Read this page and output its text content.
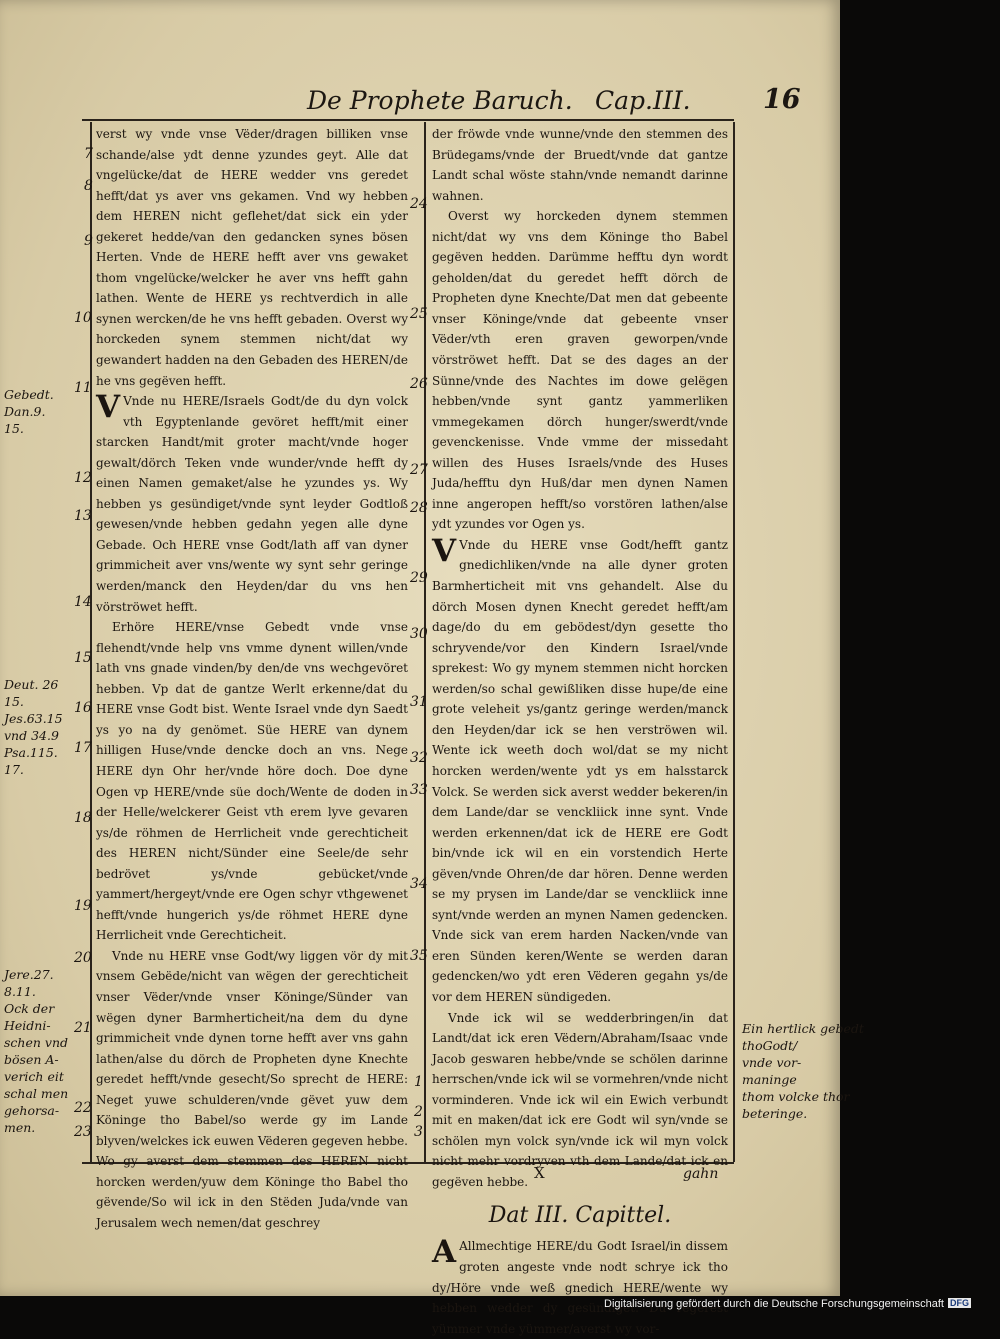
De Prophete Baruch. Cap.III.	16

verst wy vnde vnse Vëder/dragen billiken vnse schande/alse ydt denne yzundes geyt. Alle dat vngelücke/dat de HERE wedder vns geredet hefft/dat ys aver vns gekamen. Vnd wy hebben dem HEREN nicht geflehet/dat sick ein yder gekeret hedde/van den gedancken synes bösen Herten. Vnde de HERE hefft aver vns gewaket thom vngelücke/welcker he aver vns hefft gahn lathen. Wente de HERE ys rechtverdich in alle synen wercken/de he vns hefft gebaden. Overst wy horckeden synem stemmen nicht/dat wy gewandert hadden na den Gebaden des HEREN/de he vns gegëven hefft.

V Vnde nu HERE/Israels Godt/de du dyn volck vth Egyptenlande gevöret hefft/mit einer starcken Handt/mit groter macht/vnde hoger gewalt/dörch Teken vnde wunder/vnde hefft dy einen Namen gemaket/alse he yzundes ys. Wy hebben ys gesündiget/vnde synt leyder Godtloß gewesen/vnde hebben gedahn yegen alle dyne Gebade. Och HERE vnse Godt/lath aff van dyner grimmicheit aver vns/wente wy synt sehr geringe werden/manck den Heyden/dar du vns hen vörströwet hefft.

Erhöre HERE/vnse Gebedt vnde vnse flehendt/vnde help vns vmme dynent willen/vnde lath vns gnade vinden/by den/de vns wechgevöret hebben. Vp dat de gantze Werlt erkenne/dat du HERE vnse Godt bist. Wente Israel vnde dyn Saedt ys yo na dy genömet. Süe HERE van dynem hilligen Huse/vnde dencke doch an vns. Nege HERE dyn Ohr her/vnde höre doch. Doe dyne Ogen vp HERE/vnde süe doch/Wente de doden in der Helle/welckerer Geist vth erem lyve gevaren ys/de röhmen de Herrlicheit vnde gerechticheit des HEREN nicht/Sünder eine Seele/de sehr bedrövet ys/vnde gebücket/vnde yammert/hergeyt/vnde ere Ogen schyr vthgewenet hefft/vnde hungerich ys/de röhmet HERE dyne Herrlicheit vnde Gerechticheit.

Vnde nu HERE vnse Godt/wy liggen vör dy mit vnsem Gebëde/nicht van wëgen der gerechticheit vnser Vëder/vnde vnser Köninge/Sünder van wëgen dyner Barmherticheit/na dem du dyne grimmicheit vnde dynen torne hefft aver vns gahn lathen/alse du dörch de Propheten dyne Knechte geredet hefft/vnde gesecht/So sprecht de HERE: Neget yuwe schulderen/vnde gëvet yuw dem Köninge tho Babel/so werde gy im Lande blyven/welckes ick euwen Vëderen gegeven hebbe. Wo gy averst dem stemmen des HEREN nicht horcken werden/yuw dem Köninge tho Babel tho gëvende/So wil ick in den Stëden Juda/vnde van Jerusalem wech nemen/dat geschrey

der fröwde vnde wunne/vnde den stemmen des Brüdegams/vnde der Bruedt/vnde dat gantze Landt schal wöste stahn/vnde nemandt darinne wahnen.

Overst wy horckeden dynem stemmen nicht/dat wy vns dem Köninge tho Babel gegëven hedden. Darümme hefftu dyn wordt geholden/dat du geredet hefft dörch de Propheten dyne Knechte/Dat men dat gebeente vnser Köninge/vnde dat gebeente vnser Vëder/vth eren graven geworpen/vnde vörströwet hefft. Dat se des dages an der Sünne/vnde des Nachtes im dowe gelëgen hebben/vnde synt gantz yammerliken vmmegekamen dörch hunger/swerdt/vnde gevenckenisse. Vnde vmme der missedaht willen des Huses Israels/vnde des Huses Juda/hefftu dyn Huß/dar men dynen Namen inne angeropen hefft/so vorstören lathen/alse ydt yzundes vor Ogen ys.

V Vnde du HERE vnse Godt/hefft gantz gnedichliken/vnde na alle dyner groten Barmherticheit mit vns gehandelt. Alse du dörch Mosen dynen Knecht geredet hefft/am dage/do du em gebödest/dyn gesette tho schryvende/vor den Kindern Israel/vnde sprekest: Wo gy mynem stemmen nicht horcken werden/so schal gewißliken disse hupe/de eine grote veleheit ys/gantz geringe werden/manck den Heyden/dar ick se hen verströwen wil. Wente ick weeth doch wol/dat se my nicht horcken werden/wente ydt ys em halsstarck Volck. Se werden sick averst wedder bekeren/in dem Lande/dar se venckliick inne synt. Vnde werden erkennen/dat ick de HERE ere Godt bin/vnde ick wil en ein vorstendich Herte gëven/vnde Ohren/de dar hören. Denne werden se my prysen im Lande/dar se venckliick inne synt/vnde werden an mynen Namen gedencken. Vnde sick van erem harden Nacken/vnde van eren Sünden keren/Wente se werden daran gedencken/wo ydt eren Vëderen gegahn ys/de vor dem HEREN sündigeden.

Vnde ick wil se wedderbringen/in dat Landt/dat ick eren Vëdern/Abraham/Isaac vnde Jacob geswaren hebbe/vnde se schölen darinne herrschen/vnde ick wil se vormehren/vnde nicht vorminderen. Vnde ick wil ein Ewich verbundt mit en maken/dat ick ere Godt wil syn/vnde se schölen myn volck syn/vnde ick wil myn volck nicht mehr vordryven vth dem Lande/dat ick en gegëven hebbe.

Dat III. Capittel.

A Allmechtige HERE/du Godt Israel/in dissem groten angeste vnde nodt schrye ick tho dy/Höre vnde weß gnedich HERE/wente wy hebben wedder dy gesündiget. Du regerest yümmer vnde yümmer/averst wy vor-

7
8
9
10
11
12
13
14
15
16
17
18
19
20
21
22
23
24
25
26
27
28
29
30
31
32
33
34
35
1
2
3
Gebedt.
Dan.9.
15.
Deut. 26
15.
Jes.63.15
vnd 34.9
Psa.115.
17.
Jere.27.
8.11.
Ock der
Heidni-
schen vnd
bösen A-
verich eit
schal men
gehorsa-
men.
Ein hertlick gebedt
thoGodt/
vnde vor-
maninge
thom volcke thor
beteringe.
X	gahn
Digitalisierung gefördert durch die Deutsche Forschungsgemeinschaft DFG
